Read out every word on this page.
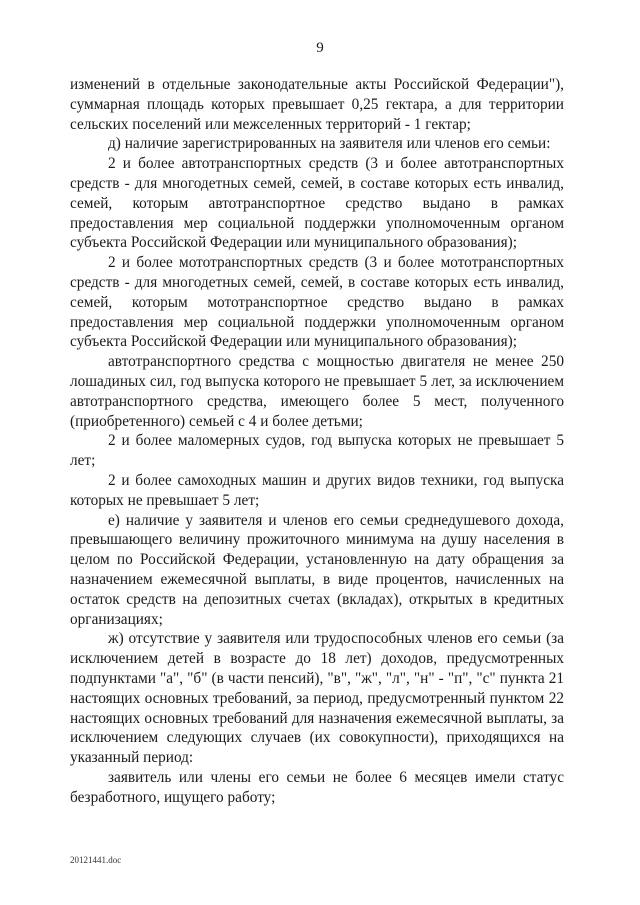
9

изменений в отдельные законодательные акты Российской Федерации"), суммарная площадь которых превышает 0,25 гектара, а для территории сельских поселений или межселенных территорий - 1 гектар;

д) наличие зарегистрированных на заявителя или членов его семьи:

2 и более автотранспортных средств (3 и более автотранспортных средств - для многодетных семей, семей, в составе которых есть инвалид, семей, которым автотранспортное средство выдано в рамках предоставления мер социальной поддержки уполномоченным органом субъекта Российской Федерации или муниципального образования);

2 и более мототранспортных средств (3 и более мототранспортных средств - для многодетных семей, семей, в составе которых есть инвалид, семей, которым мототранспортное средство выдано в рамках предоставления мер социальной поддержки уполномоченным органом субъекта Российской Федерации или муниципального образования);

автотранспортного средства с мощностью двигателя не менее 250 лошадиных сил, год выпуска которого не превышает 5 лет, за исключением автотранспортного средства, имеющего более 5 мест, полученного (приобретенного) семьей с 4 и более детьми;

2 и более маломерных судов, год выпуска которых не превышает 5 лет;

2 и более самоходных машин и других видов техники, год выпуска которых не превышает 5 лет;

е) наличие у заявителя и членов его семьи среднедушевого дохода, превышающего величину прожиточного минимума на душу населения в целом по Российской Федерации, установленную на дату обращения за назначением ежемесячной выплаты, в виде процентов, начисленных на остаток средств на депозитных счетах (вкладах), открытых в кредитных организациях;

ж) отсутствие у заявителя или трудоспособных членов его семьи (за исключением детей в возрасте до 18 лет) доходов, предусмотренных подпунктами "а", "б" (в части пенсий), "в", "ж", "л", "н" - "п", "с" пункта 21 настоящих основных требований, за период, предусмотренный пунктом 22 настоящих основных требований для назначения ежемесячной выплаты, за исключением следующих случаев (их совокупности), приходящихся на указанный период:

заявитель или члены его семьи не более 6 месяцев имели статус безработного, ищущего работу;

20121441.doc
